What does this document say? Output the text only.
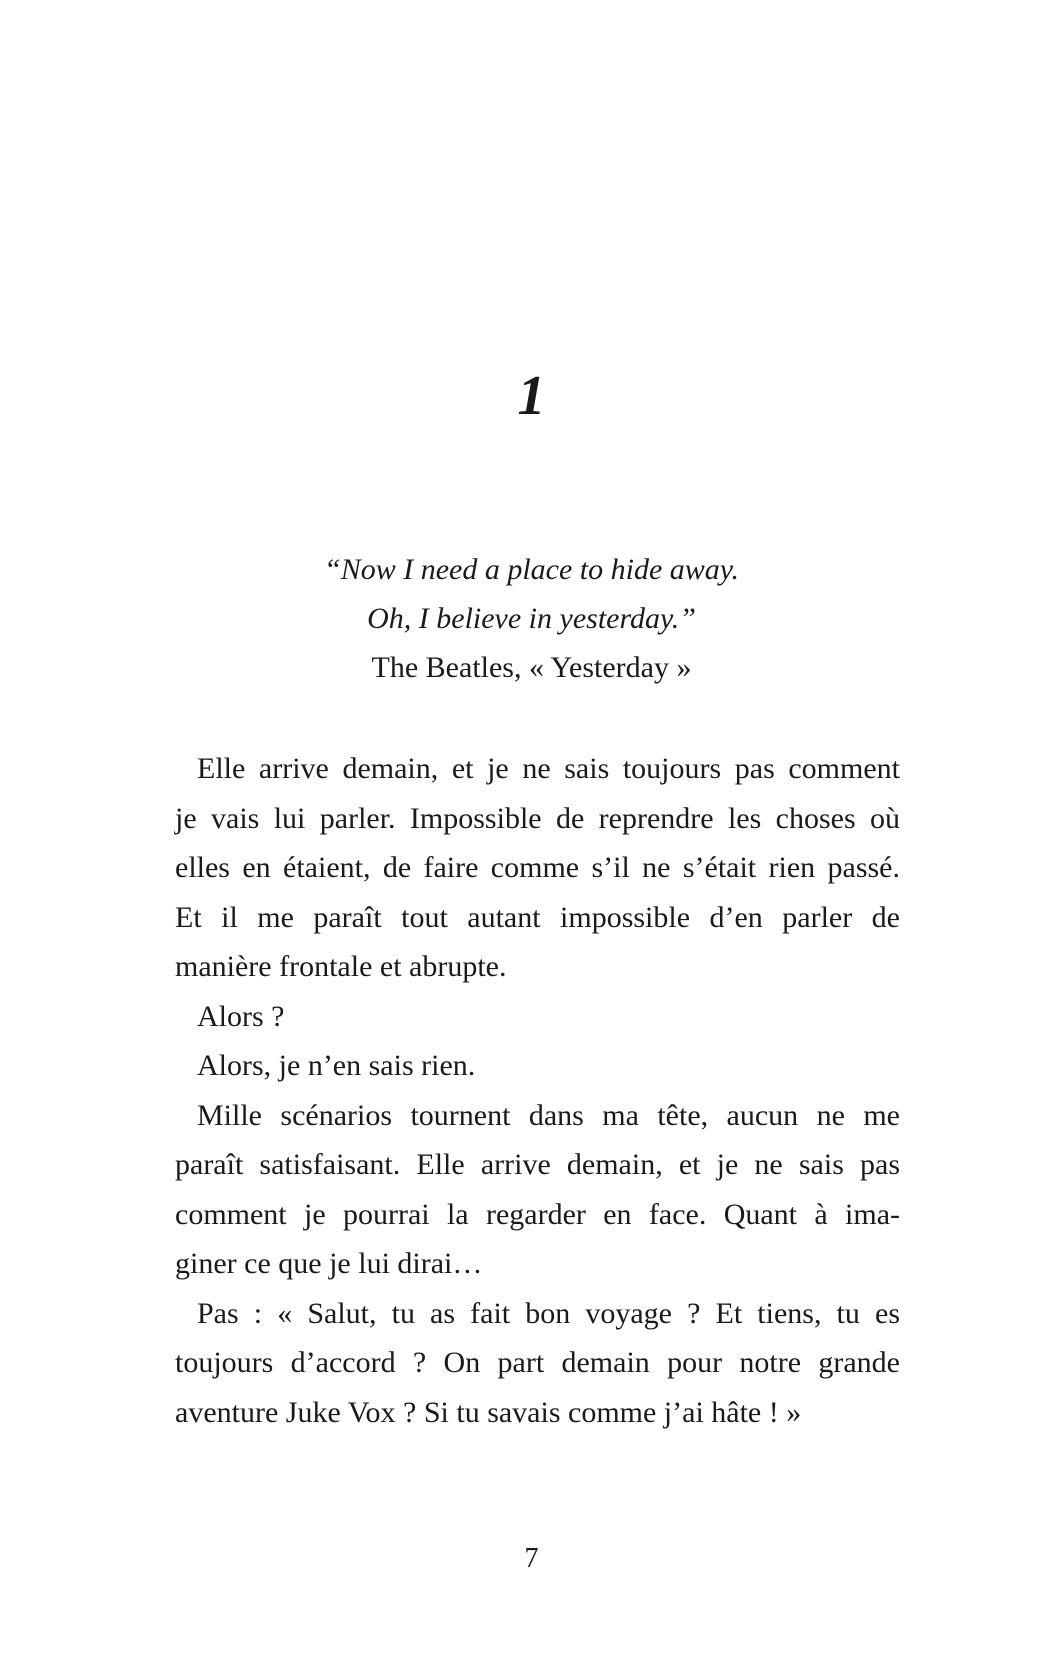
1
“Now I need a place to hide away.
Oh, I believe in yesterday.”
The Beatles, « Yesterday »
Elle arrive demain, et je ne sais toujours pas comment
je vais lui parler. Impossible de reprendre les choses où
elles en étaient, de faire comme s’il ne s’était rien passé.
Et il me paraît tout autant impossible d’en parler de
manière frontale et abrupte.
Alors ?
Alors, je n’en sais rien.
Mille scénarios tournent dans ma tête, aucun ne me
paraît satisfaisant. Elle arrive demain, et je ne sais pas
comment je pourrai la regarder en face. Quant à ima-
giner ce que je lui dirai…
Pas : « Salut, tu as fait bon voyage ? Et tiens, tu es
toujours d’accord ? On part demain pour notre grande
aventure Juke Vox ? Si tu savais comme j’ai hâte ! »
7
